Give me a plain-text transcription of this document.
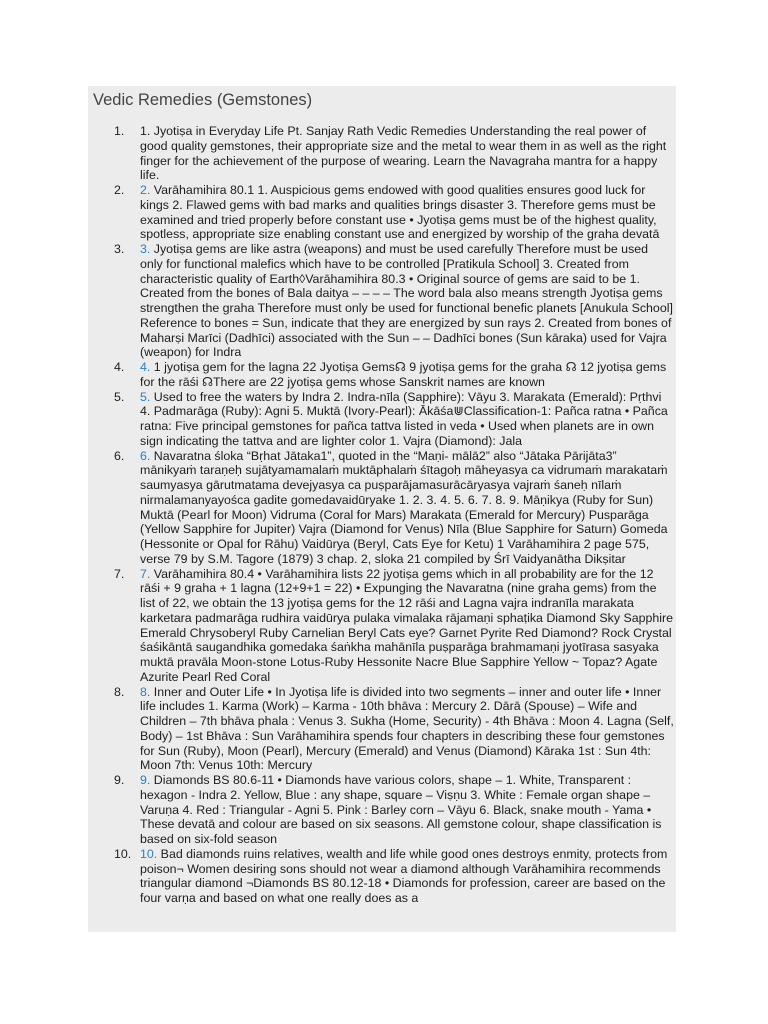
Vedic Remedies (Gemstones)
1. 1. Jyotiṣa in Everyday Life Pt. Sanjay Rath Vedic Remedies Understanding the real power of good quality gemstones, their appropriate size and the metal to wear them in as well as the right finger for the achievement of the purpose of wearing. Learn the Navagraha mantra for a happy life.
2. 2. Varāhamihira 80.1 1. Auspicious gems endowed with good qualities ensures good luck for kings 2. Flawed gems with bad marks and qualities brings disaster 3. Therefore gems must be examined and tried properly before constant use • Jyotiṣa gems must be of the highest quality, spotless, appropriate size enabling constant use and energized by worship of the graha devatā
3. 3. Jyotiṣa gems are like astra (weapons) and must be used carefully Therefore must be used only for functional malefics which have to be controlled [Pratikula School] 3. Created from characteristic quality of Earth◊Varāhamihira 80.3 • Original source of gems are said to be 1. Created from the bones of Bala daitya – – – – The word bala also means strength Jyotiṣa gems strengthen the graha Therefore must only be used for functional benefic planets [Anukula School] Reference to bones = Sun, indicate that they are energized by sun rays 2. Created from bones of Maharṣi Marīci (Dadhīci) associated with the Sun – – Dadhīci bones (Sun kāraka) used for Vajra (weapon) for Indra
4. 4. 1 jyotiṣa gem for the lagna 22 Jyotiṣa Gems☊ 9 jyotiṣa gems for the graha ☊ 12 jyotiṣa gems for the rāśi ☊There are 22 jyotiṣa gems whose Sanskrit names are known
5. 5. Used to free the waters by Indra 2. Indra-nīla (Sapphire): Vāyu 3. Marakata (Emerald): Pṛthvi 4. Padmarāga (Ruby): Agni 5. Muktā (Ivory-Pearl): Ākāśa⋓Classification-1: Pañca ratna • Pañca ratna: Five principal gemstones for pañca tattva listed in veda • Used when planets are in own sign indicating the tattva and are lighter color 1. Vajra (Diamond): Jala
6. 6. Navaratna śloka “Bṛhat Jātaka1”, quoted in the “Maṇi- mālā2” also “Jātaka Pārijāta3” mānikyaṁ taraṇeḥ sujātyamamalaṁ muktāphalaṁ śītagoḥ māheyasya ca vidrumaṁ marakataṁ saumyasya gārutmatama devejyasya ca puṣparājamasurācāryasya vajraṁ śaneḥ nīlaṁ nirmalamanyayośca gadite gomedavaidūryake 1. 2. 3. 4. 5. 6. 7. 8. 9. Māṇikya (Ruby for Sun) Muktā (Pearl for Moon) Vidruma (Coral for Mars) Marakata (Emerald for Mercury) Pusparāga (Yellow Sapphire for Jupiter) Vajra (Diamond for Venus) Nīla (Blue Sapphire for Saturn) Gomeda (Hessonite or Opal for Rāhu) Vaidūrya (Beryl, Cats Eye for Ketu) 1 Varāhamihira 2 page 575, verse 79 by S.M. Tagore (1879) 3 chap. 2, sloka 21 compiled by Śrī Vaidyanātha Dikṣitar
7. 7. Varāhamihira 80.4 • Varāhamihira lists 22 jyotiṣa gems which in all probability are for the 12 rāśi + 9 graha + 1 lagna (12+9+1 = 22) • Expunging the Navaratna (nine graha gems) from the list of 22, we obtain the 13 jyotiṣa gems for the 12 rāśi and Lagna vajra indranīla marakata karketara padmarāga rudhira vaidūrya pulaka vimalaka rājamaṇi sphaṭika Diamond Sky Sapphire Emerald Chrysoberyl Ruby Carnelian Beryl Cats eye? Garnet Pyrite Red Diamond? Rock Crystal śaśikāntā saugandhika gomedaka śaṅkha mahānīla puṣparāga brahmamaṇi jyotīrasa sasyaka muktā pravāla Moon-stone Lotus-Ruby Hessonite Nacre Blue Sapphire Yellow ~ Topaz? Agate Azurite Pearl Red Coral
8. 8. Inner and Outer Life • In Jyotiṣa life is divided into two segments – inner and outer life • Inner life includes 1. Karma (Work) – Karma - 10th bhāva : Mercury 2. Dārā (Spouse) – Wife and Children – 7th bhāva phala : Venus 3. Sukha (Home, Security) - 4th Bhāva : Moon 4. Lagna (Self, Body) – 1st Bhāva : Sun Varāhamihira spends four chapters in describing these four gemstones for Sun (Ruby), Moon (Pearl), Mercury (Emerald) and Venus (Diamond) Kāraka 1st : Sun 4th: Moon 7th: Venus 10th: Mercury
9. 9. Diamonds BS 80.6-11 • Diamonds have various colors, shape – 1. White, Transparent : hexagon - Indra 2. Yellow, Blue : any shape, square – Viṣṇu 3. White : Female organ shape – Varuṇa 4. Red : Triangular - Agni 5. Pink : Barley corn – Vāyu 6. Black, snake mouth - Yama • These devatā and colour are based on six seasons. All gemstone colour, shape classification is based on six-fold season
10. 10. Bad diamonds ruins relatives, wealth and life while good ones destroys enmity, protects from poison¬ Women desiring sons should not wear a diamond although Varāhamihira recommends triangular diamond ¬Diamonds BS 80.12-18 • Diamonds for profession, career are based on the four varṇa and based on what one really does as a
